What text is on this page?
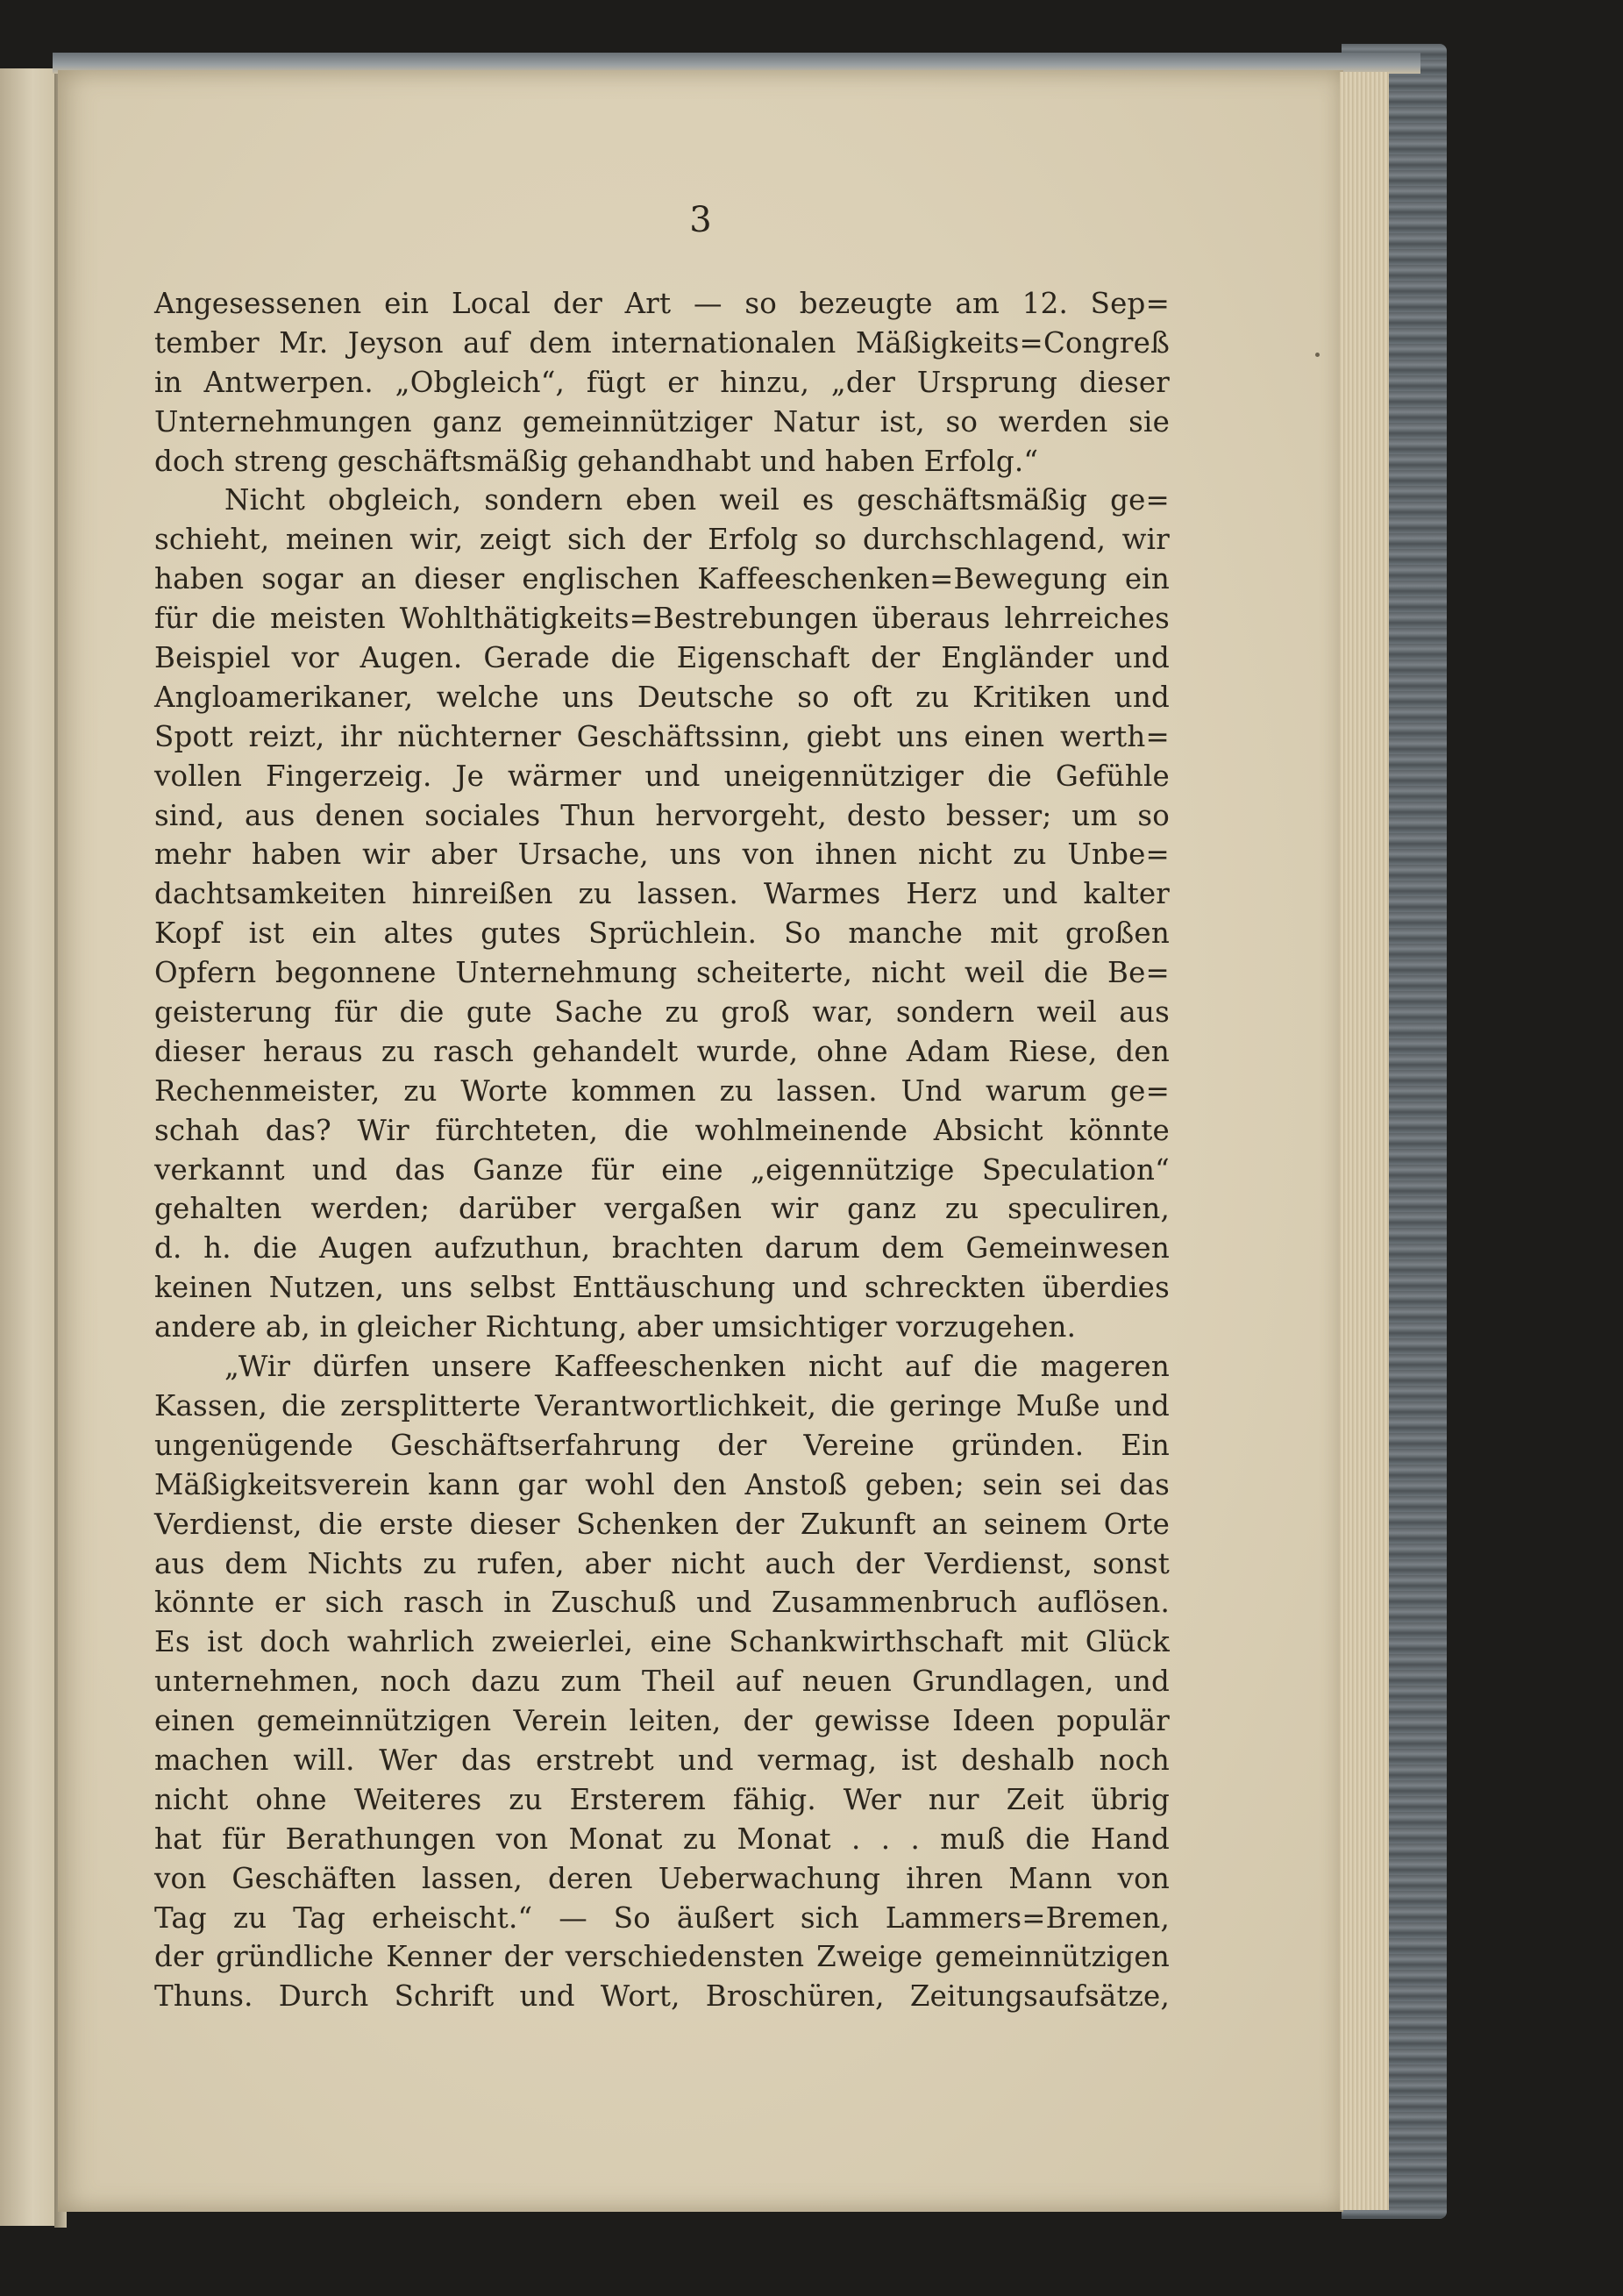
3
Angesessenen ein Local der Art — so bezeugte am 12. Sep=
tember Mr. Jeyson auf dem internationalen Mäßigkeits=Congreß
in Antwerpen. „Obgleich“, fügt er hinzu, „der Ursprung dieser
Unternehmungen ganz gemeinnütziger Natur ist, so werden sie
doch streng geschäftsmäßig gehandhabt und haben Erfolg.“
Nicht obgleich, sondern eben weil es geschäftsmäßig ge=
schieht, meinen wir, zeigt sich der Erfolg so durchschlagend, wir
haben sogar an dieser englischen Kaffeeschenken=Bewegung ein
für die meisten Wohlthätigkeits=Bestrebungen überaus lehrreiches
Beispiel vor Augen. Gerade die Eigenschaft der Engländer und
Angloamerikaner, welche uns Deutsche so oft zu Kritiken und
Spott reizt, ihr nüchterner Geschäftssinn, giebt uns einen werth=
vollen Fingerzeig. Je wärmer und uneigennütziger die Gefühle
sind, aus denen sociales Thun hervorgeht, desto besser; um so
mehr haben wir aber Ursache, uns von ihnen nicht zu Unbe=
dachtsamkeiten hinreißen zu lassen. Warmes Herz und kalter
Kopf ist ein altes gutes Sprüchlein. So manche mit großen
Opfern begonnene Unternehmung scheiterte, nicht weil die Be=
geisterung für die gute Sache zu groß war, sondern weil aus
dieser heraus zu rasch gehandelt wurde, ohne Adam Riese, den
Rechenmeister, zu Worte kommen zu lassen. Und warum ge=
schah das? Wir fürchteten, die wohlmeinende Absicht könnte
verkannt und das Ganze für eine „eigennützige Speculation“
gehalten werden; darüber vergaßen wir ganz zu speculiren,
d. h. die Augen aufzuthun, brachten darum dem Gemeinwesen
keinen Nutzen, uns selbst Enttäuschung und schreckten überdies
andere ab, in gleicher Richtung, aber umsichtiger vorzugehen.
„Wir dürfen unsere Kaffeeschenken nicht auf die mageren
Kassen, die zersplitterte Verantwortlichkeit, die geringe Muße und
ungenügende Geschäftserfahrung der Vereine gründen. Ein
Mäßigkeitsverein kann gar wohl den Anstoß geben; sein sei das
Verdienst, die erste dieser Schenken der Zukunft an seinem Orte
aus dem Nichts zu rufen, aber nicht auch der Verdienst, sonst
könnte er sich rasch in Zuschuß und Zusammenbruch auflösen.
Es ist doch wahrlich zweierlei, eine Schankwirthschaft mit Glück
unternehmen, noch dazu zum Theil auf neuen Grundlagen, und
einen gemeinnützigen Verein leiten, der gewisse Ideen populär
machen will. Wer das erstrebt und vermag, ist deshalb noch
nicht ohne Weiteres zu Ersterem fähig. Wer nur Zeit übrig
hat für Berathungen von Monat zu Monat . . . muß die Hand
von Geschäften lassen, deren Ueberwachung ihren Mann von
Tag zu Tag erheischt.“ — So äußert sich Lammers=Bremen,
der gründliche Kenner der verschiedensten Zweige gemeinnützigen
Thuns. Durch Schrift und Wort, Broschüren, Zeitungsaufsätze,
